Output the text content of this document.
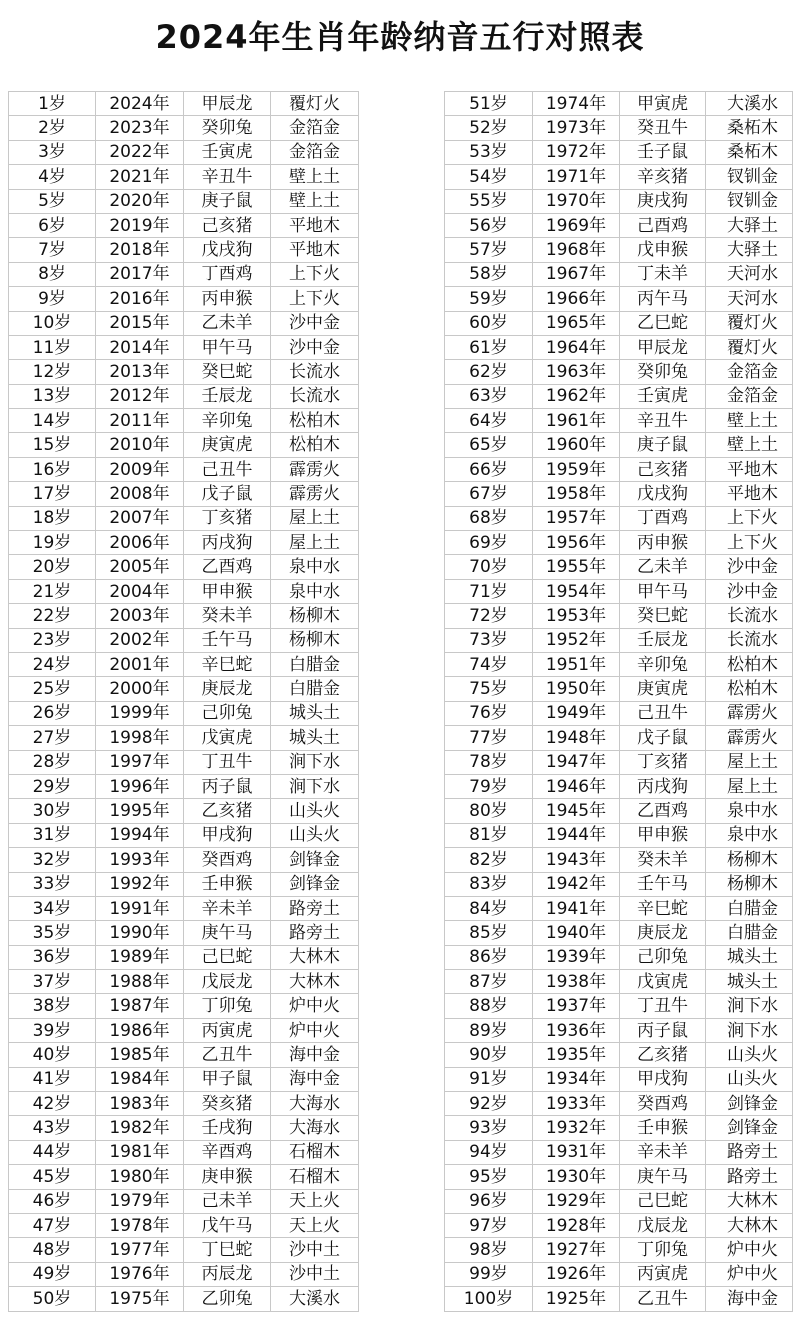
2024年生肖年龄纳音五行对照表
1岁	2024年	甲辰龙	覆灯火		51岁	1974年	甲寅虎	大溪水
2岁	2023年	癸卯兔	金箔金		52岁	1973年	癸丑牛	桑柘木
3岁	2022年	壬寅虎	金箔金		53岁	1972年	壬子鼠	桑柘木
4岁	2021年	辛丑牛	壁上土		54岁	1971年	辛亥猪	钗钏金
5岁	2020年	庚子鼠	壁上土		55岁	1970年	庚戌狗	钗钏金
6岁	2019年	己亥猪	平地木		56岁	1969年	己酉鸡	大驿土
7岁	2018年	戊戌狗	平地木		57岁	1968年	戊申猴	大驿土
8岁	2017年	丁酉鸡	上下火		58岁	1967年	丁未羊	天河水
9岁	2016年	丙申猴	上下火		59岁	1966年	丙午马	天河水
10岁	2015年	乙未羊	沙中金		60岁	1965年	乙巳蛇	覆灯火
11岁	2014年	甲午马	沙中金		61岁	1964年	甲辰龙	覆灯火
12岁	2013年	癸巳蛇	长流水		62岁	1963年	癸卯兔	金箔金
13岁	2012年	壬辰龙	长流水		63岁	1962年	壬寅虎	金箔金
14岁	2011年	辛卯兔	松柏木		64岁	1961年	辛丑牛	壁上土
15岁	2010年	庚寅虎	松柏木		65岁	1960年	庚子鼠	壁上土
16岁	2009年	己丑牛	霹雳火		66岁	1959年	己亥猪	平地木
17岁	2008年	戊子鼠	霹雳火		67岁	1958年	戊戌狗	平地木
18岁	2007年	丁亥猪	屋上土		68岁	1957年	丁酉鸡	上下火
19岁	2006年	丙戌狗	屋上土		69岁	1956年	丙申猴	上下火
20岁	2005年	乙酉鸡	泉中水		70岁	1955年	乙未羊	沙中金
21岁	2004年	甲申猴	泉中水		71岁	1954年	甲午马	沙中金
22岁	2003年	癸未羊	杨柳木		72岁	1953年	癸巳蛇	长流水
23岁	2002年	壬午马	杨柳木		73岁	1952年	壬辰龙	长流水
24岁	2001年	辛巳蛇	白腊金		74岁	1951年	辛卯兔	松柏木
25岁	2000年	庚辰龙	白腊金		75岁	1950年	庚寅虎	松柏木
26岁	1999年	己卯兔	城头土		76岁	1949年	己丑牛	霹雳火
27岁	1998年	戊寅虎	城头土		77岁	1948年	戊子鼠	霹雳火
28岁	1997年	丁丑牛	涧下水		78岁	1947年	丁亥猪	屋上土
29岁	1996年	丙子鼠	涧下水		79岁	1946年	丙戌狗	屋上土
30岁	1995年	乙亥猪	山头火		80岁	1945年	乙酉鸡	泉中水
31岁	1994年	甲戌狗	山头火		81岁	1944年	甲申猴	泉中水
32岁	1993年	癸酉鸡	剑锋金		82岁	1943年	癸未羊	杨柳木
33岁	1992年	壬申猴	剑锋金		83岁	1942年	壬午马	杨柳木
34岁	1991年	辛未羊	路旁土		84岁	1941年	辛巳蛇	白腊金
35岁	1990年	庚午马	路旁土		85岁	1940年	庚辰龙	白腊金
36岁	1989年	己巳蛇	大林木		86岁	1939年	己卯兔	城头土
37岁	1988年	戊辰龙	大林木		87岁	1938年	戊寅虎	城头土
38岁	1987年	丁卯兔	炉中火		88岁	1937年	丁丑牛	涧下水
39岁	1986年	丙寅虎	炉中火		89岁	1936年	丙子鼠	涧下水
40岁	1985年	乙丑牛	海中金		90岁	1935年	乙亥猪	山头火
41岁	1984年	甲子鼠	海中金		91岁	1934年	甲戌狗	山头火
42岁	1983年	癸亥猪	大海水		92岁	1933年	癸酉鸡	剑锋金
43岁	1982年	壬戌狗	大海水		93岁	1932年	壬申猴	剑锋金
44岁	1981年	辛酉鸡	石榴木		94岁	1931年	辛未羊	路旁土
45岁	1980年	庚申猴	石榴木		95岁	1930年	庚午马	路旁土
46岁	1979年	己未羊	天上火		96岁	1929年	己巳蛇	大林木
47岁	1978年	戊午马	天上火		97岁	1928年	戊辰龙	大林木
48岁	1977年	丁巳蛇	沙中土		98岁	1927年	丁卯兔	炉中火
49岁	1976年	丙辰龙	沙中土		99岁	1926年	丙寅虎	炉中火
50岁	1975年	乙卯兔	大溪水		100岁	1925年	乙丑牛	海中金
